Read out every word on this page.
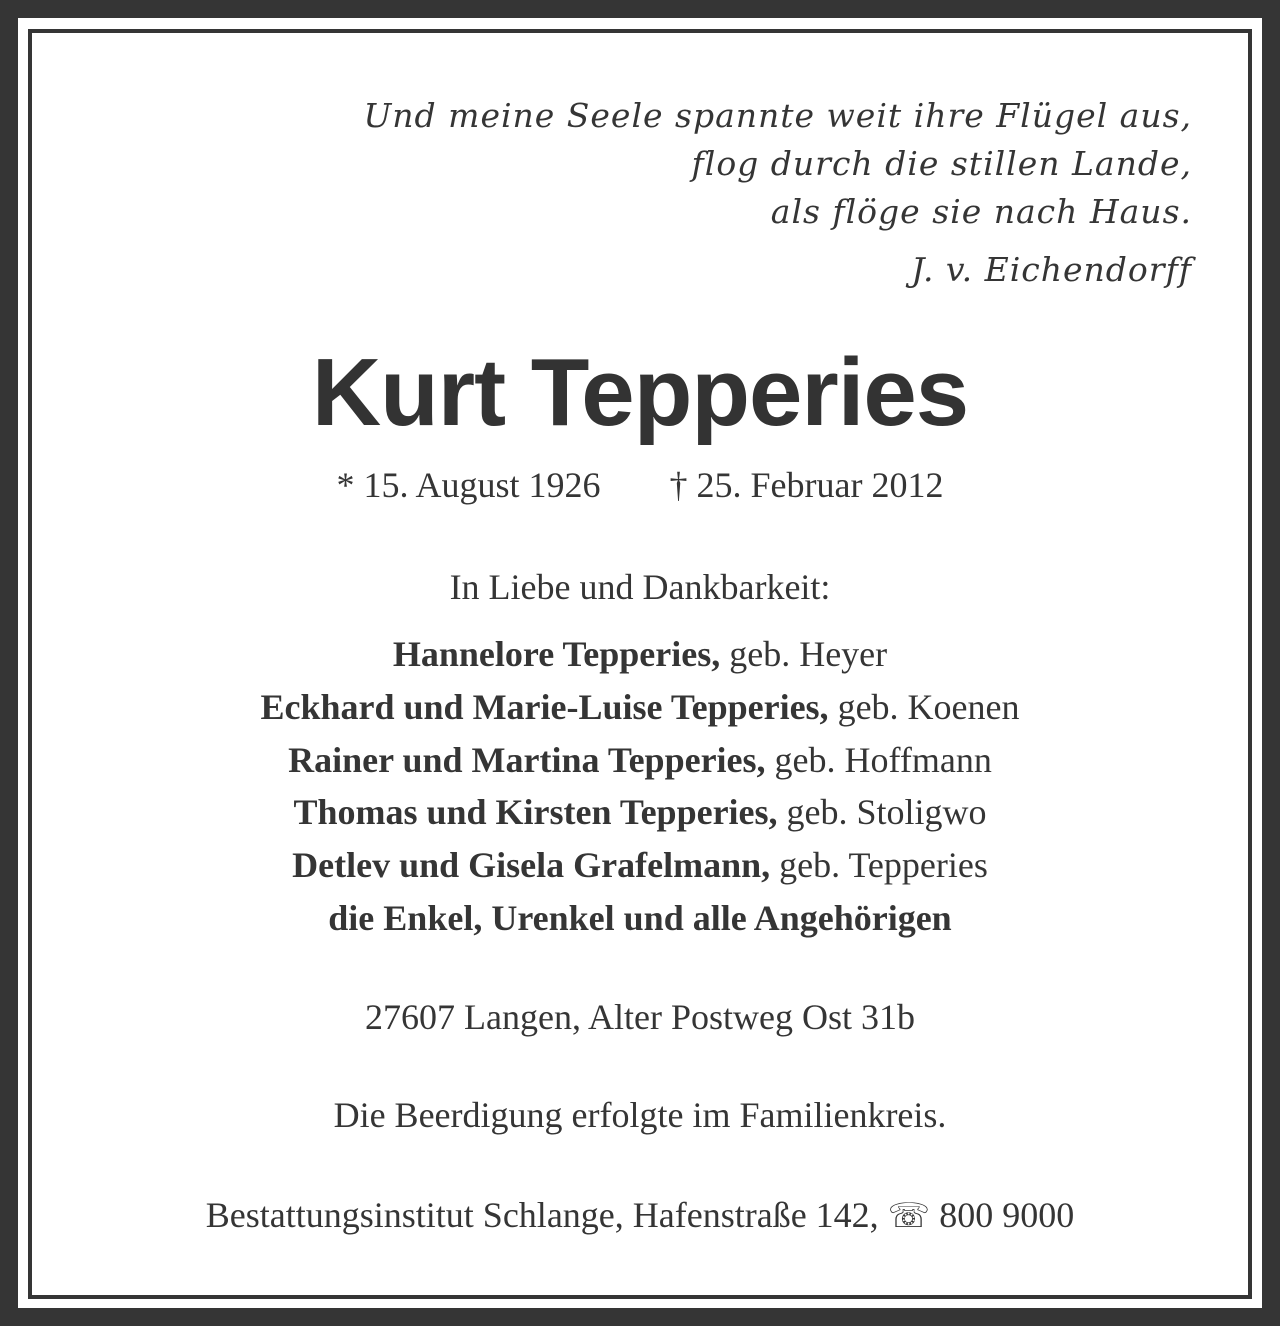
Und meine Seele spannte weit ihre Flügel aus,
flog durch die stillen Lande,
als flöge sie nach Haus.
J. v. Eichendorff
Kurt Tepperies
* 15. August 1926 † 25. Februar 2012
In Liebe und Dankbarkeit:
Hannelore Tepperies, geb. Heyer
Eckhard und Marie-Luise Tepperies, geb. Koenen
Rainer und Martina Tepperies, geb. Hoffmann
Thomas und Kirsten Tepperies, geb. Stoligwo
Detlev und Gisela Grafelmann, geb. Tepperies
die Enkel, Urenkel und alle Angehörigen
27607 Langen, Alter Postweg Ost 31b
Die Beerdigung erfolgte im Familienkreis.
Bestattungsinstitut Schlange, Hafenstraße 142, ☏ 800 9000
